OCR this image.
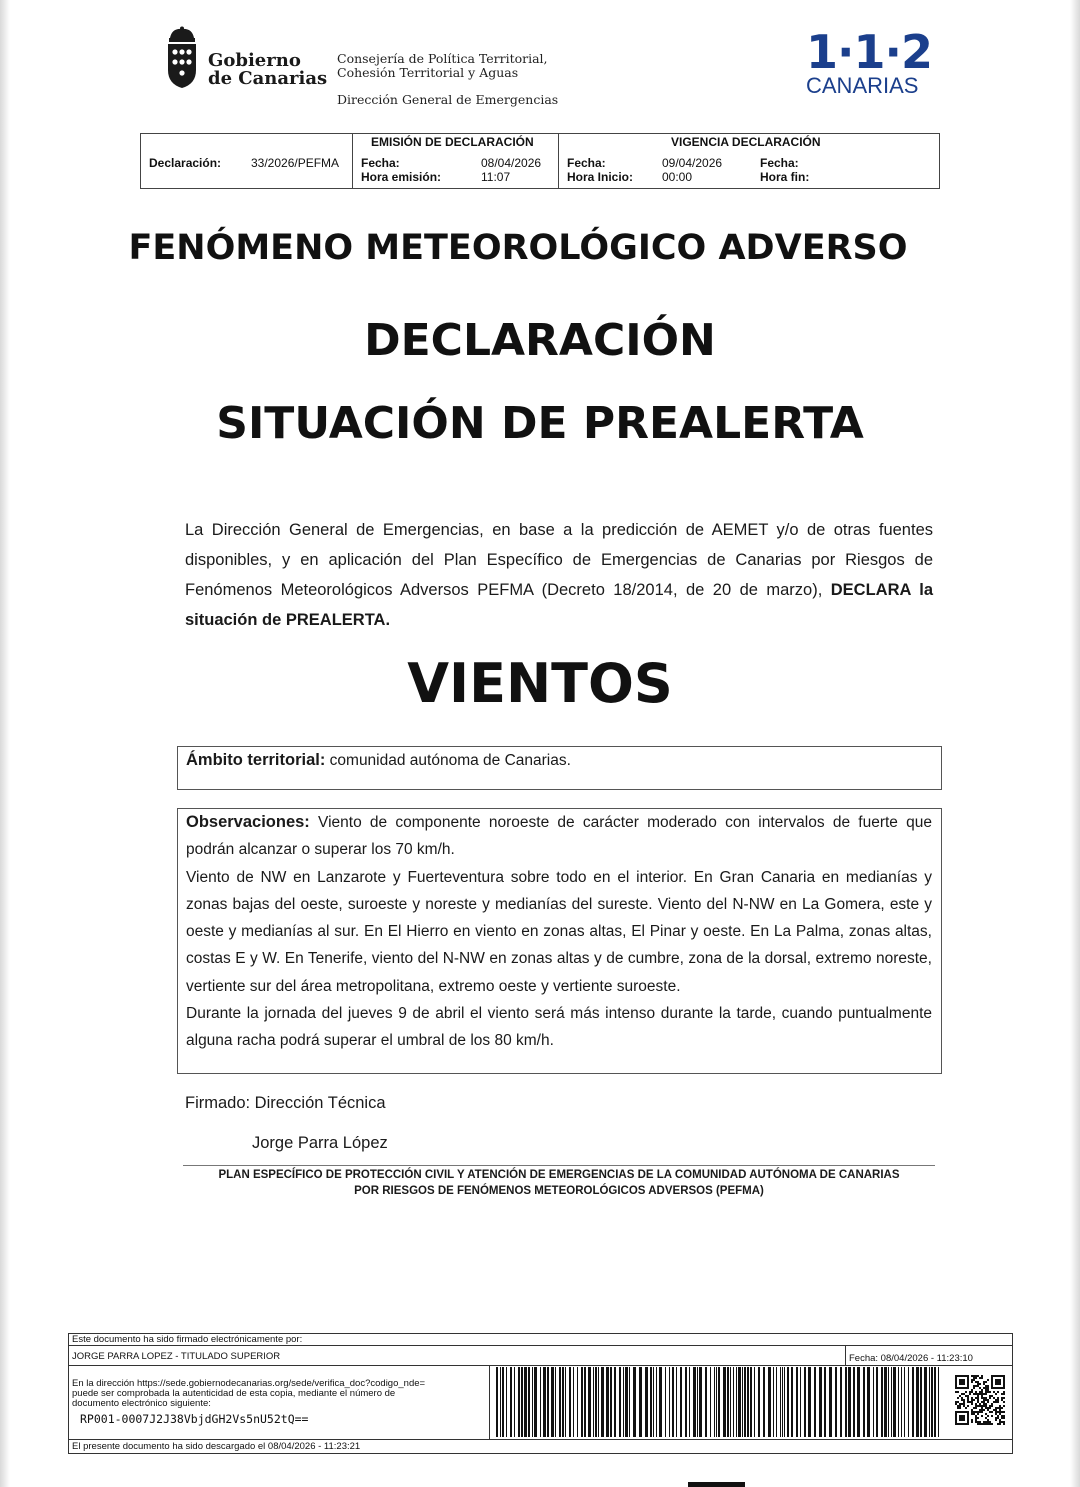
Gobierno
de Canarias
Consejería de Política Territorial,
Cohesión Territorial y Aguas
Dirección General de Emergencias
1·1·2
CANARIAS
Declaración: 33/2026/PEFMA
EMISIÓN DE DECLARACIÓN
Fecha:	08/04/2026
Hora emisión:	11:07
VIGENCIA DECLARACIÓN
Fecha:	09/04/2026
Hora Inicio: 00:00
Fecha:
Hora fin:
FENÓMENO METEOROLÓGICO ADVERSO
DECLARACIÓN
SITUACIÓN DE PREALERTA
La Dirección General de Emergencias, en base a la predicción de AEMET y/o de otras fuentes disponibles, y en aplicación del Plan Específico de Emergencias de Canarias por Riesgos de Fenómenos Meteorológicos Adversos PEFMA (Decreto 18/2014, de 20 de marzo), DECLARA la situación de PREALERTA.
VIENTOS
Ámbito territorial: comunidad autónoma de Canarias.

Observaciones: Viento de componente noroeste de carácter moderado con intervalos de fuerte que podrán alcanzar o superar los 70 km/h.

Viento de NW en Lanzarote y Fuerteventura sobre todo en el interior. En Gran Canaria en medianías y zonas bajas del oeste, suroeste y noreste y medianías del sureste. Viento del N-NW en La Gomera, este y oeste y medianías al sur. En El Hierro en viento en zonas altas, El Pinar y oeste. En La Palma, zonas altas, costas E y W. En Tenerife, viento del N-NW en zonas altas y de cumbre, zona de la dorsal, extremo noreste, vertiente sur del área metropolitana, extremo oeste y vertiente suroeste.

Durante la jornada del jueves 9 de abril el viento será más intenso durante la tarde, cuando puntualmente alguna racha podrá superar el umbral de los 80 km/h.

Firmado: Dirección Técnica
Jorge Parra López
PLAN ESPECÍFICO DE PROTECCIÓN CIVIL Y ATENCIÓN DE EMERGENCIAS DE LA COMUNIDAD AUTÓNOMA DE CANARIAS
POR RIESGOS DE FENÓMENOS METEOROLÓGICOS ADVERSOS (PEFMA)
Este documento ha sido firmado electrónicamente por:
JORGE PARRA LOPEZ - TITULADO SUPERIOR	Fecha: 08/04/2026 - 11:23:10
En la dirección https://sede.gobiernodecanarias.org/sede/verifica_doc?codigo_nde=
puede ser comprobada la autenticidad de esta copia, mediante el número de
documento electrónico siguiente:
RP001-0007J2J38VbjdGH2Vs5nU52tQ==
El presente documento ha sido descargado el 08/04/2026 - 11:23:21
